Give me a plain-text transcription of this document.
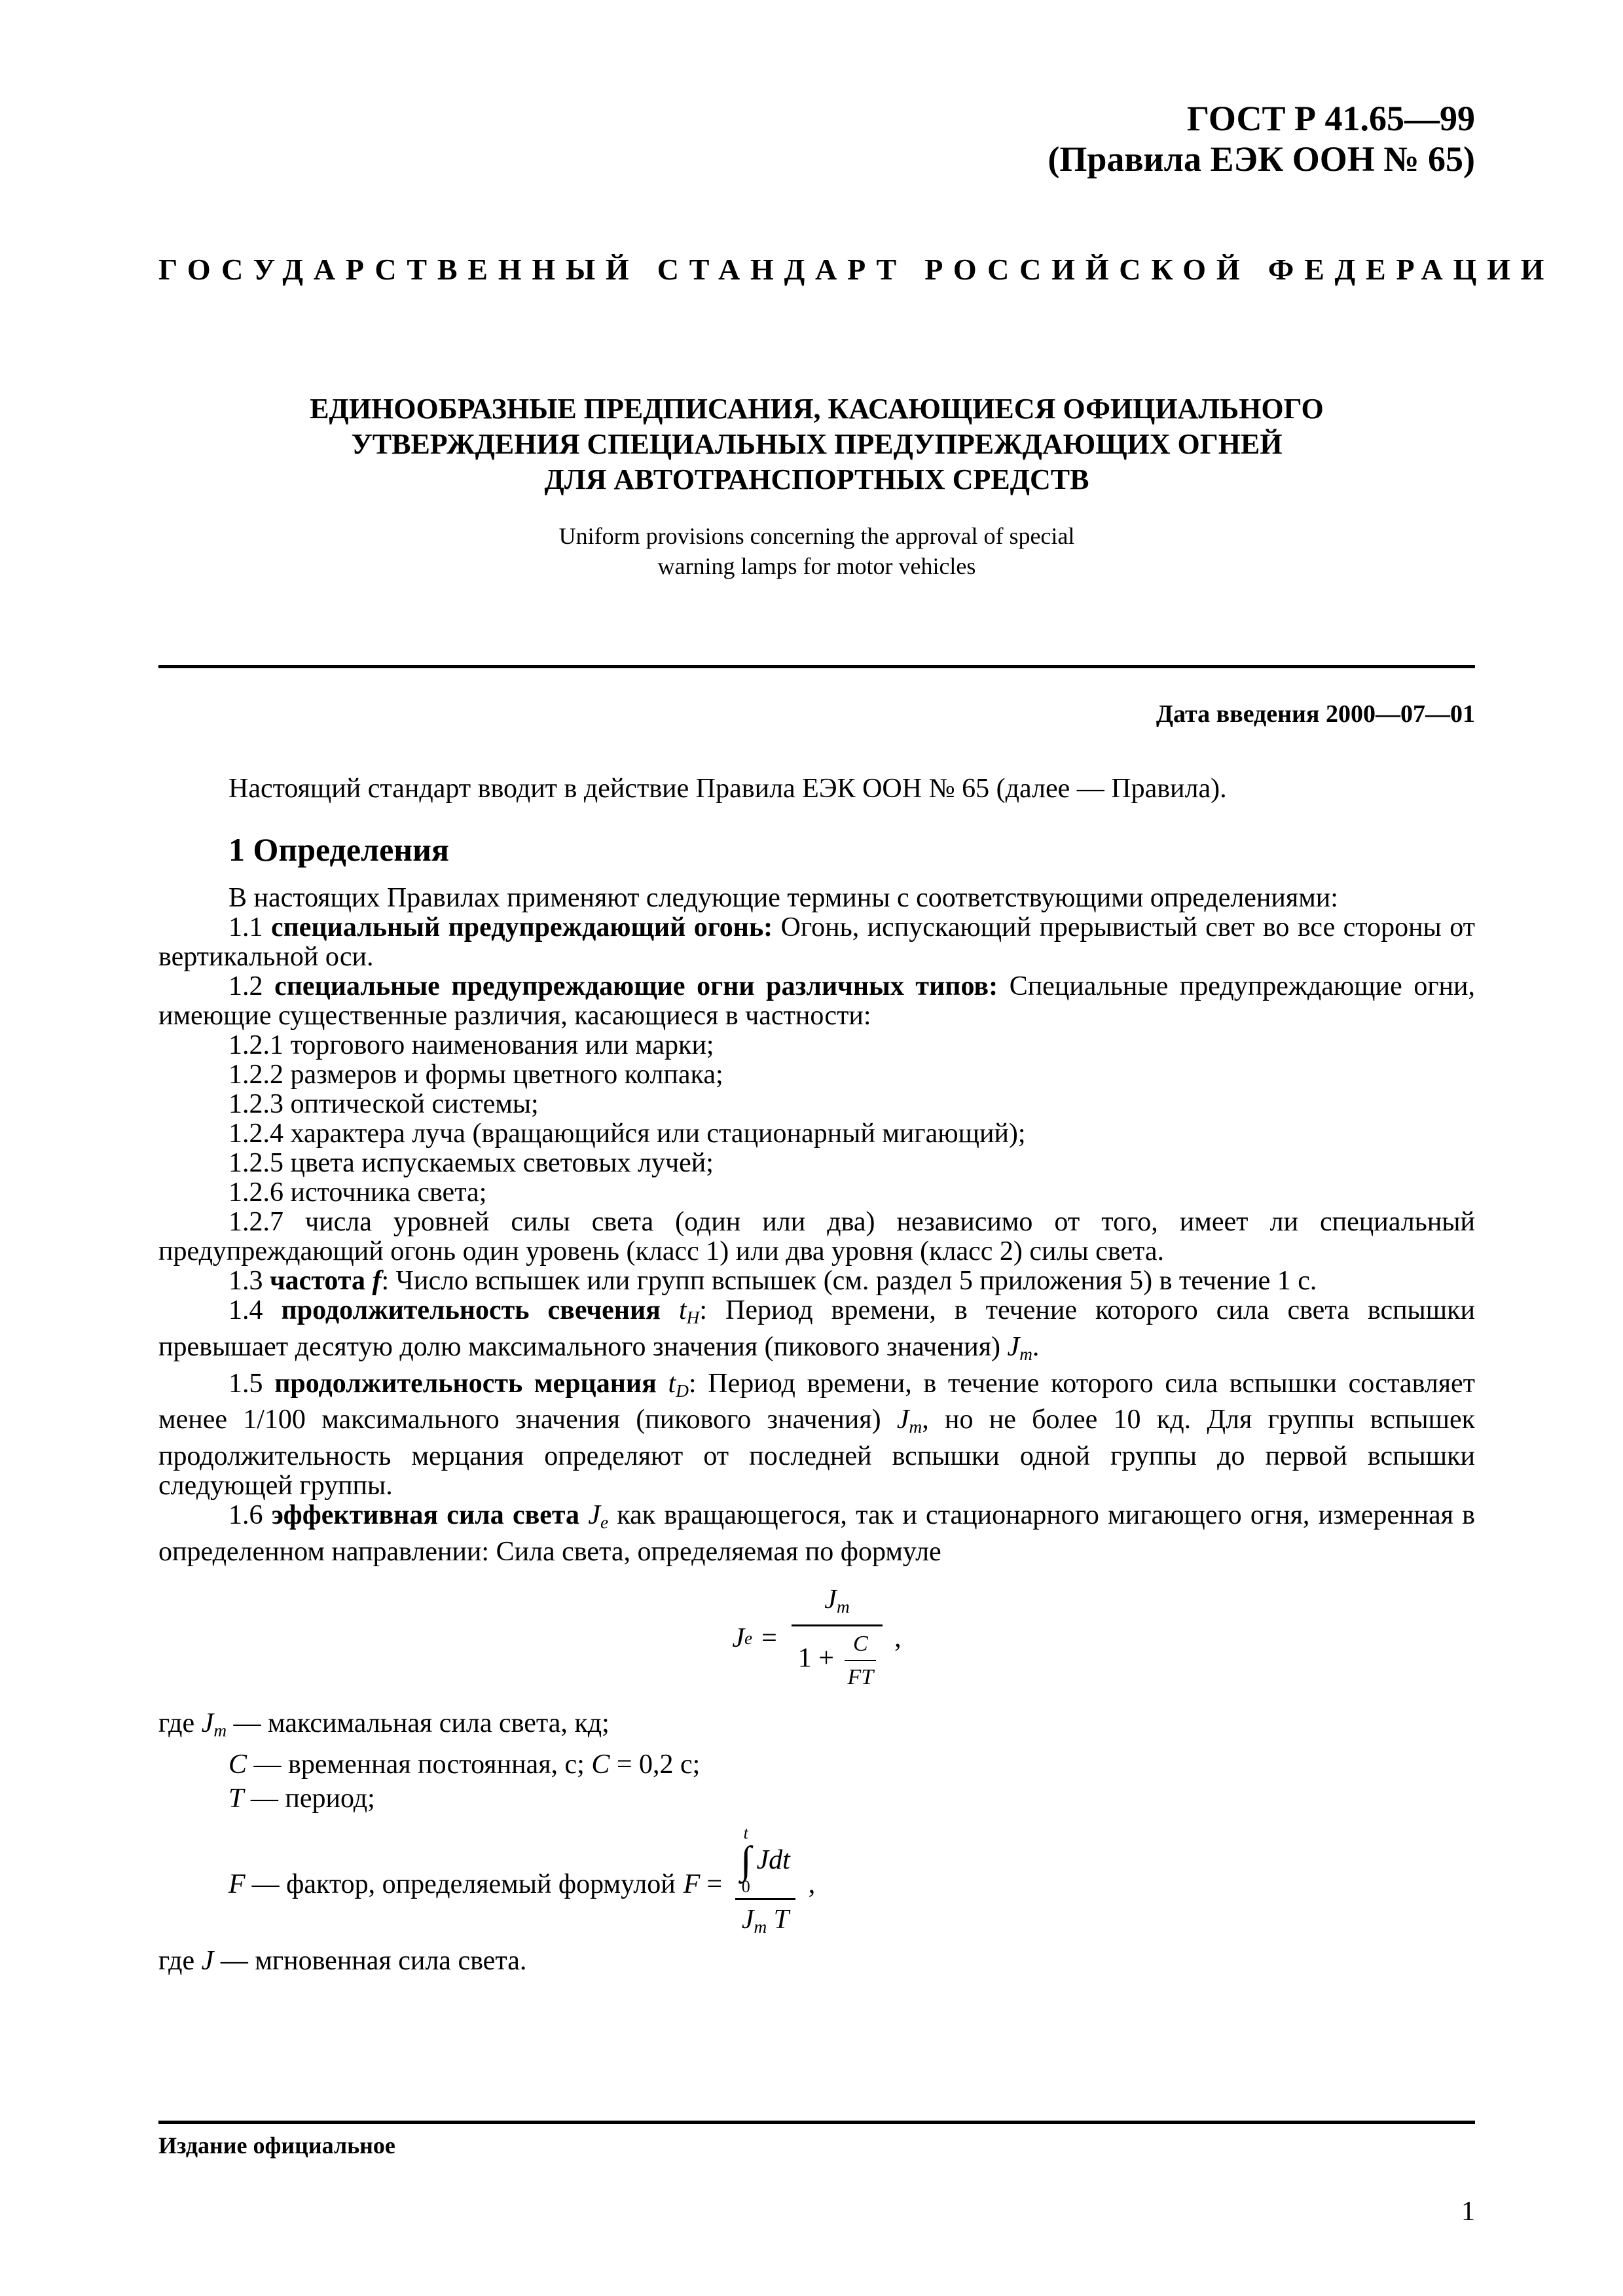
ГОСТ Р 41.65—99
(Правила ЕЭК ООН № 65)
ГОСУДАРСТВЕННЫЙ СТАНДАРТ РОССИЙСКОЙ ФЕДЕРАЦИИ
ЕДИНООБРАЗНЫЕ ПРЕДПИСАНИЯ, КАСАЮЩИЕСЯ ОФИЦИАЛЬНОГО
УТВЕРЖДЕНИЯ СПЕЦИАЛЬНЫХ ПРЕДУПРЕЖДАЮЩИХ ОГНЕЙ
ДЛЯ АВТОТРАНСПОРТНЫХ СРЕДСТВ
Uniform provisions concerning the approval of special
warning lamps for motor vehicles
Дата введения 2000—07—01

Настоящий стандарт вводит в действие Правила ЕЭК ООН № 65 (далее — Правила).

1 Определения

В настоящих Правилах применяют следующие термины с соответствующими определениями:

1.1 специальный предупреждающий огонь: Огонь, испускающий прерывистый свет во все стороны от вертикальной оси.

1.2 специальные предупреждающие огни различных типов: Специальные предупреждающие огни, имеющие существенные различия, касающиеся в частности:

1.2.1 торгового наименования или марки;

1.2.2 размеров и формы цветного колпака;

1.2.3 оптической системы;

1.2.4 характера луча (вращающийся или стационарный мигающий);

1.2.5 цвета испускаемых световых лучей;

1.2.6 источника света;

1.2.7 числа уровней силы света (один или два) независимо от того, имеет ли специальный предупреждающий огонь один уровень (класс 1) или два уровня (класс 2) силы света.

1.3 частота f: Число вспышек или групп вспышек (см. раздел 5 приложения 5) в течение 1 с.

1.4 продолжительность свечения $t_H$: Период времени, в течение которого сила света вспышки превышает десятую долю максимального значения (пикового значения) $J_m$.

1.5 продолжительность мерцания $t_D$: Период времени, в течение которого сила вспышки составляет менее 1/100 максимального значения (пикового значения) $J_m$, но не более 10 кд. Для группы вспышек продолжительность мерцания определяют от последней вспышки одной группы до первой вспышки следующей группы.

1.6 эффективная сила света $J_e$ как вращающегося, так и стационарного мигающего огня, измеренная в определенном направлении: Сила света, определяемая по формуле

J $e = \frac{J_m}{1 + \frac{C}{FT}}$ ,
где $J_m$ — максимальная сила света, кд;
C — временная постоянная, с; C = 0,2 с;
T — период;
F — фактор, определяемый формулой F =
t
∫
0
Jdt
$J_m$ T
,
где J — мгновенная сила света.
Издание официальное
1
